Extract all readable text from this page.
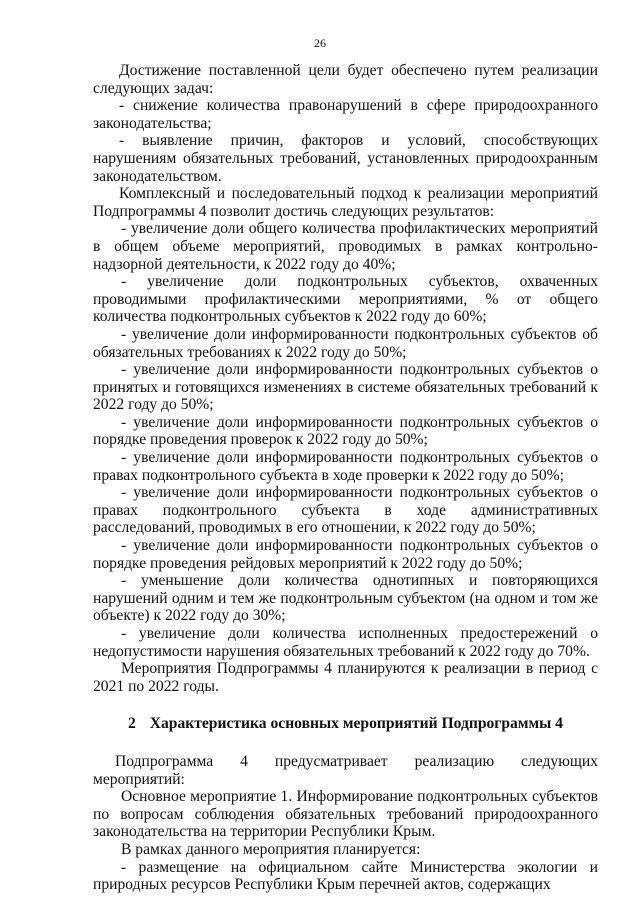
26

Достижение поставленной цели будет обеспечено путем реализации следующих задач:

- снижение количества правонарушений в сфере природоохранного законодательства;

- выявление причин, факторов и условий, способствующих нарушениям обязательных требований, установленных природоохранным законодательством.

Комплексный и последовательный подход к реализации мероприятий Подпрограммы 4 позволит достичь следующих результатов:

- увеличение доли общего количества профилактических мероприятий в общем объеме мероприятий, проводимых в рамках контрольно-надзорной деятельности, к 2022 году до 40%;

- увеличение доли подконтрольных субъектов, охваченных проводимыми профилактическими мероприятиями, % от общего количества подконтрольных субъектов к 2022 году до 60%;

- увеличение доли информированности подконтрольных субъектов об обязательных требованиях к 2022 году до 50%;

- увеличение доли информированности подконтрольных субъектов о принятых и готовящихся изменениях в системе обязательных требований к 2022 году до 50%;

- увеличение доли информированности подконтрольных субъектов о порядке проведения проверок к 2022 году до 50%;

- увеличение доли информированности подконтрольных субъектов о правах подконтрольного субъекта в ходе проверки к 2022 году до 50%;

- увеличение доли информированности подконтрольных субъектов о правах подконтрольного субъекта в ходе административных расследований, проводимых в его отношении, к 2022 году до 50%;

- увеличение доли информированности подконтрольных субъектов о порядке проведения рейдовых мероприятий к 2022 году до 50%;

- уменьшение доли количества однотипных и повторяющихся нарушений одним и тем же подконтрольным субъектом (на одном и том же объекте) к 2022 году до 30%;

- увеличение доли количества исполненных предостережений о недопустимости нарушения обязательных требований к 2022 году до 70%.

Мероприятия Подпрограммы 4 планируются к реализации в период с 2021 по 2022 годы.

2 Характеристика основных мероприятий Подпрограммы 4

Подпрограмма 4 предусматривает реализацию следующих мероприятий:

Основное мероприятие 1. Информирование подконтрольных субъектов по вопросам соблюдения обязательных требований природоохранного законодательства на территории Республики Крым.

В рамках данного мероприятия планируется:

- размещение на официальном сайте Министерства экологии и природных ресурсов Республики Крым перечней актов, содержащих
